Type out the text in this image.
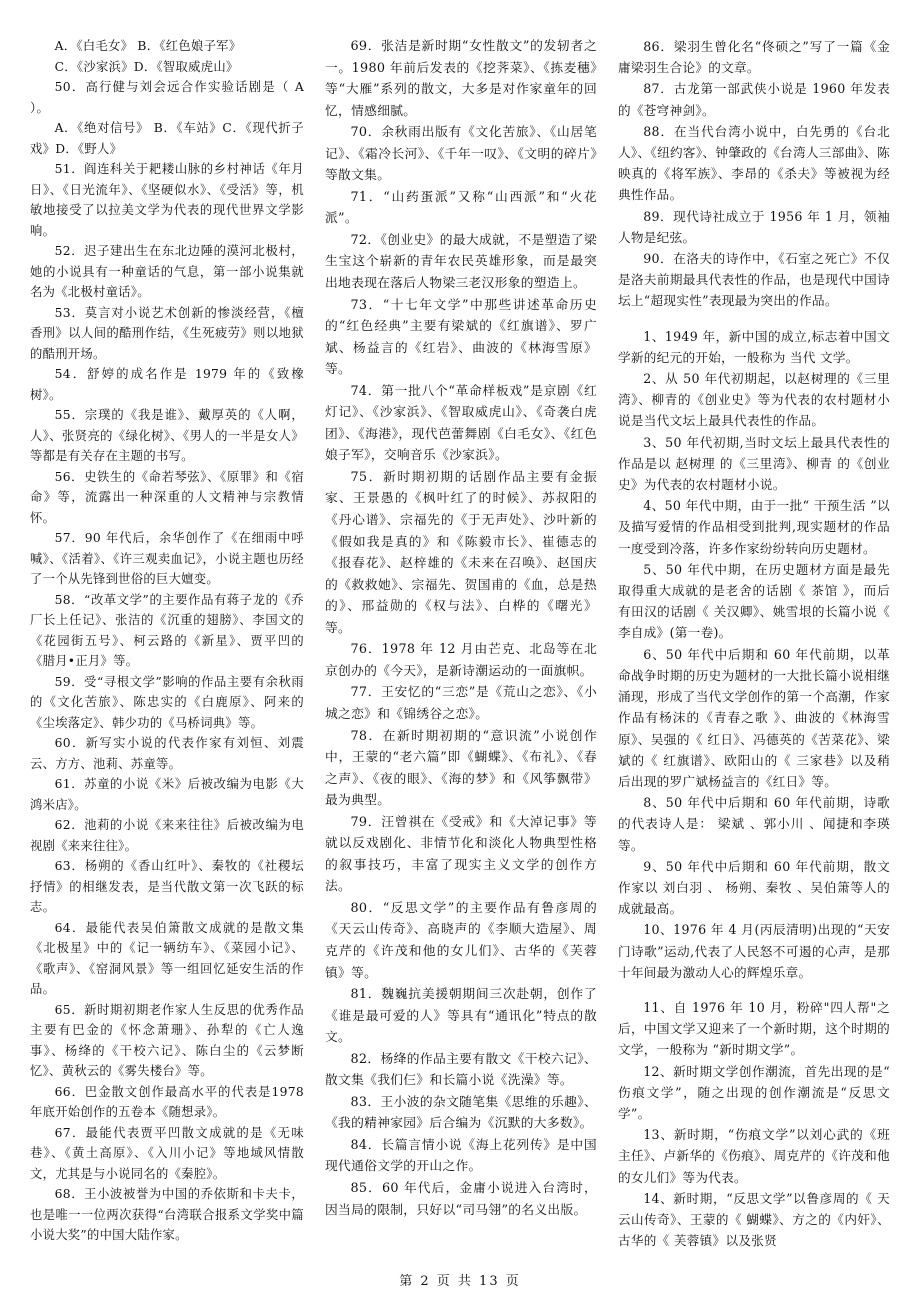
A．《白毛女》 B．《红色娘子军》

C．《沙家浜》D．《智取威虎山》

50．高行健与刘会远合作实验话剧是（ A ）。

A．《绝对信号》 B．《车站》C．《现代折子戏》D．《野人》

51．阎连科关于耙耧山脉的乡村神话《年月日》、《日光流年》、《坚硬似水》、《受活》等，机敏地接受了以拉美文学为代表的现代世界文学影响。

52．迟子建出生在东北边陲的漠河北极村，她的小说具有一种童话的气息，第一部小说集就名为《北极村童话》。

53．莫言对小说艺术创新的惨淡经营，《檀香刑》以人间的酷刑作结，《生死疲劳》则以地狱的酷刑开场。

54．舒婷的成名作是 1979 年的《致橡树》。

55．宗璞的《我是谁》、戴厚英的《人啊，人》、张贤亮的《绿化树》、《男人的一半是女人》等都是有关存在主题的书写。

56．史铁生的《命若琴弦》、《原罪》和《宿命》等，流露出一种深重的人文精神与宗教情怀。

57．90 年代后，余华创作了《在细雨中呼喊》、《活着》、《许三观卖血记》，小说主题也历经了一个从先锋到世俗的巨大嬗变。

58．“改革文学”的主要作品有蒋子龙的《乔厂长上任记》、张洁的《沉重的翅膀》、李国文的《花园街五号》、柯云路的《新星》、贾平凹的《腊月•正月》等。

59．受“寻根文学”影响的作品主要有余秋雨的《文化苦旅》、陈忠实的《白鹿原》、阿来的《尘埃落定》、韩少功的《马桥词典》等。

60．新写实小说的代表作家有刘恒、刘震云、方方、池莉、苏童等。

61．苏童的小说《米》后被改编为电影《大鸿米店》。

62．池莉的小说《来来往往》后被改编为电视剧《来来往往》。

63．杨朔的《香山红叶》、秦牧的《社稷坛抒情》的相继发表，是当代散文第一次飞跃的标志。

64．最能代表吴伯箫散文成就的是散文集《北极星》中的《记一辆纺车》、《菜园小记》、《歌声》、《窑洞风景》等一组回忆延安生活的作品。

65．新时期初期老作家人生反思的优秀作品主要有巴金的《怀念萧珊》、孙犁的《亡人逸事》、杨绛的《干校六记》、陈白尘的《云梦断忆》、黄秋云的《雾失楼台》等。

66．巴金散文创作最高水平的代表是1978 年底开始创作的五卷本《随想录》。

67．最能代表贾平凹散文成就的是《无味巷》、《黄土高原》、《入川小记》等地域风情散文，尤其是与小说同名的《秦腔》。

68．王小波被誉为中国的乔依斯和卡夫卡，也是唯一一位两次获得“台湾联合报系文学奖中篇小说大奖”的中国大陆作家。

69．张洁是新时期“女性散文”的发轫者之一。1980 年前后发表的《挖荠菜》、《拣麦穗》等“大雁”系列的散文，大多是对作家童年的回忆，情感细腻。

70．余秋雨出版有《文化苦旅》、《山居笔记》、《霜冷长河》、《千年一叹》、《文明的碎片》等散文集。

71．“山药蛋派”又称“山西派”和“火花派”。

72．《创业史》的最大成就，不是塑造了梁生宝这个崭新的青年农民英雄形象，而是最突出地表现在落后人物梁三老汉形象的塑造上。

73．“十七年文学”中那些讲述革命历史的“红色经典”主要有梁斌的《红旗谱》、罗广斌、杨益言的《红岩》、曲波的《林海雪原》等。

74．第一批八个“革命样板戏”是京剧《红灯记》、《沙家浜》、《智取威虎山》、《奇袭白虎团》、《海港》，现代芭蕾舞剧《白毛女》、《红色娘子军》，交响音乐《沙家浜》。

75．新时期初期的话剧作品主要有金振家、王景愚的《枫叶红了的时候》、苏叔阳的《丹心谱》、宗福先的《于无声处》、沙叶新的《假如我是真的》和《陈毅市长》、崔德志的《报春花》、赵梓雄的《未来在召唤》、赵国庆的《救救她》、宗福先、贺国甫的《血，总是热的》、邢益勋的《权与法》、白桦的《曙光》等。

76．1978 年 12 月由芒克、北岛等在北京创办的《今天》，是新诗潮运动的一面旗帜。

77．王安忆的“三恋”是《荒山之恋》、《小城之恋》和《锦绣谷之恋》。

78．在新时期初期的“意识流”小说创作中，王蒙的“老六篇”即《蝴蝶》、《布礼》、《春之声》、《夜的眼》、《海的梦》和《风筝飘带》最为典型。

79．汪曾祺在《受戒》和《大淖记事》等就以反戏剧化、非情节化和淡化人物典型性格的叙事技巧，丰富了现实主义文学的创作方法。

80．“反思文学”的主要作品有鲁彦周的《天云山传奇》、高晓声的《李顺大造屋》、周克芹的《许茂和他的女儿们》、古华的《芙蓉镇》等。

81．魏巍抗美援朝期间三次赴朝，创作了《谁是最可爱的人》等具有“通讯化”特点的散文。

82．杨绛的作品主要有散文《干校六记》、散文集《我们仨》和长篇小说《洗澡》等。

83．王小波的杂文随笔集《思维的乐趣》、《我的精神家园》后合编为《沉默的大多数》。

84．长篇言情小说《海上花列传》是中国现代通俗文学的开山之作。

85．60 年代后，金庸小说进入台湾时，因当局的限制，只好以“司马翎”的名义出版。

86．梁羽生曾化名“佟硕之”写了一篇《金庸梁羽生合论》的文章。

87．古龙第一部武侠小说是 1960 年发表的《苍穹神剑》。

88．在当代台湾小说中，白先勇的《台北人》、《纽约客》、钟肇政的《台湾人三部曲》、陈映真的《将军族》、李昂的《杀夫》等被视为经典性作品。

89．现代诗社成立于 1956 年 1 月，领袖人物是纪弦。

90．在洛夫的诗作中，《石室之死亡》不仅是洛夫前期最具代表性的作品，也是现代中国诗坛上“超现实性”表现最为突出的作品。

1、1949 年，新中国的成立,标志着中国文学新的纪元的开始，一般称为 当代 文学。

2、从 50 年代初期起，以赵树理的《三里湾》、柳青的《创业史》等为代表的农村题材小说是当代文坛上最具代表性的作品。

3、50 年代初期,当时文坛上最具代表性的作品是以 赵树理 的《三里湾》、柳青 的《创业史》为代表的农村题材小说。

4、50 年代中期，由于一批“ 干预生活 ”以及描写爱情的作品相受到批判,现实题材的作品一度受到冷落，许多作家纷纷转向历史题材。

5、50 年代中期，在历史题材方面是最先取得重大成就的是老舍的话剧《 茶馆 》，而后有田汉的话剧《 关汉卿》、姚雪垠的长篇小说《 李自成》(第一卷)。

6、50 年代中后期和 60 年代前期，以革命战争时期的历史为题材的一大批长篇小说相继涌现，形成了当代文学创作的第一个高潮，作家作品有杨沫的《青春之歌 》、曲波的《林海雪原》、吴强的《 红日》、冯德英的《苦菜花》、梁斌的《 红旗谱》、欧阳山的《 三家巷》以及稍后出现的罗广斌杨益言的《红日》等。

8、50 年代中后期和 60 年代前期，诗歌的代表诗人是： 梁斌 、郭小川 、闻捷和李瑛等。

9、50 年代中后期和 60 年代前期，散文作家以 刘白羽 、 杨朔、秦牧 、吴伯箫等人的成就最高。

10、1976 年 4 月(丙辰清明)出现的“天安门诗歌”运动,代表了人民怒不可遏的心声，是那十年间最为激动人心的辉煌乐章。

11、自 1976 年 10 月，粉碎"四人帮"之后，中国文学又迎来了一个新时期，这个时期的文学，一般称为 “新时期文学”。

12、新时期文学创作潮流，首先出现的是“ 伤痕文学”，随之出现的创作潮流是“反思文学”。

13、新时期，“伤痕文学”以刘心武的《班主任》、卢新华的《伤痕》、周克芹的《许茂和他的女儿们》等为代表。

14、新时期，“反思文学”以鲁彦周的《 天云山传奇》、王蒙的《 蝴蝶》、方之的《内奸》、古华的《 芙蓉镇》以及张贤

第 2 页 共 13 页
